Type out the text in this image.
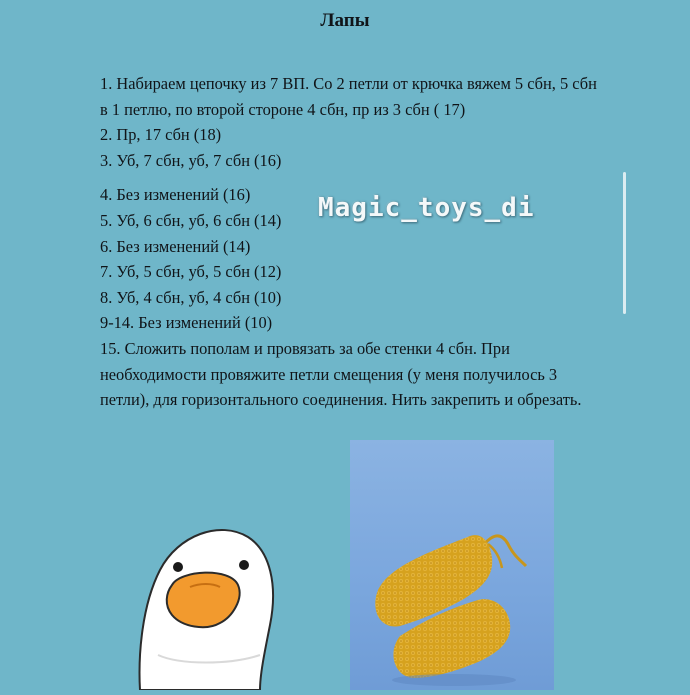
Лапы
1. Набираем цепочку из 7 ВП. Со 2 петли от крючка вяжем 5 сбн, 5 сбн в 1 петлю, по второй стороне 4 сбн, пр из 3 сбн ( 17)
2. Пр, 17 сбн (18)
3. Уб, 7 сбн, уб, 7 сбн (16)
4. Без изменений (16)
5. Уб, 6 сбн, уб, 6 сбн (14)
6. Без изменений (14)
7. Уб, 5 сбн, уб, 5 сбн (12)
8. Уб, 4 сбн, уб, 4 сбн (10)
9-14. Без изменений (10)
15. Сложить пополам и провязать за обе стенки 4 сбн. При необходимости провяжите петли смещения (у меня получилось 3 петли), для горизонтального соединения. Нить закрепить и обрезать.
Magic_toys_di
